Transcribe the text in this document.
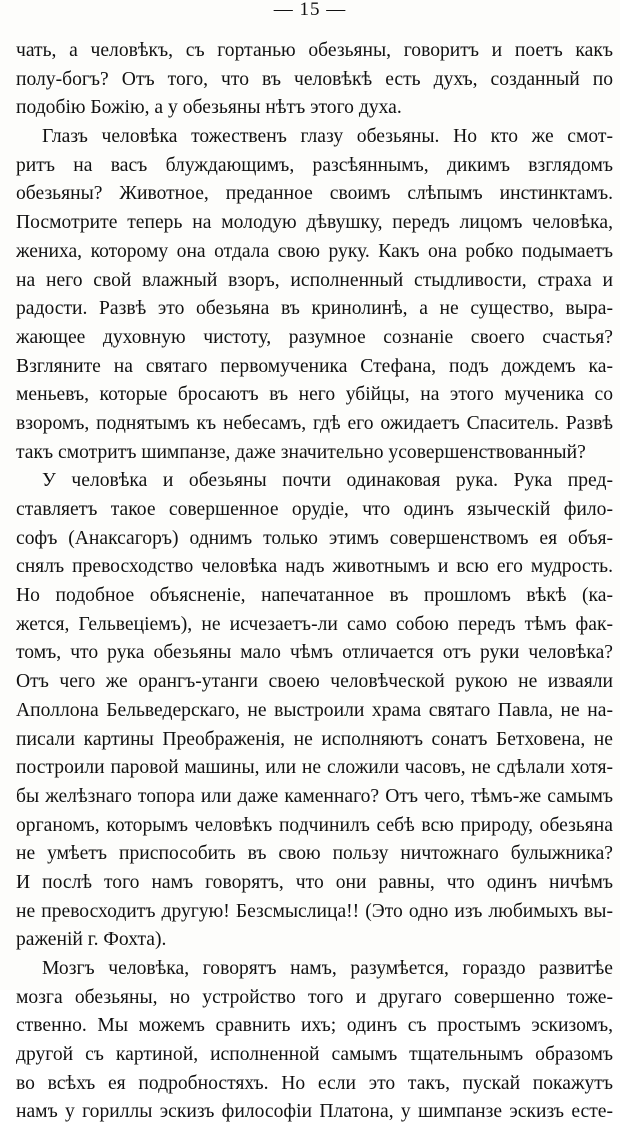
— 15 —
чать, а человѣкъ, съ гортанью обезьяны, говоритъ и поетъ какъ
полу-богъ? Отъ того, что въ человѣкѣ есть духъ, созданный по
подобію Божію, а у обезьяны нѣтъ этого духа.
Глазъ человѣка тожественъ глазу обезьяны. Но кто же смот-
ритъ на васъ блуждающимъ, разсѣяннымъ, дикимъ взглядомъ
обезьяны? Животное, преданное своимъ слѣпымъ инстинктамъ.
Посмотрите теперь на молодую дѣвушку, передъ лицомъ человѣка,
жениха, которому она отдала свою руку. Какъ она робко подымаетъ
на него свой влажный взоръ, исполненный стыдливости, страха и
радости. Развѣ это обезьяна въ кринолинѣ, а не существо, выра-
жающее духовную чистоту, разумное сознаніе своего счастья?
Взгляните на святаго первомученика Стефана, подъ дождемъ ка-
меньевъ, которые бросаютъ въ него убійцы, на этого мученика со
взоромъ, поднятымъ къ небесамъ, гдѣ его ожидаетъ Спаситель. Развѣ
такъ смотритъ шимпанзе, даже значительно усовершенствованный?
У человѣка и обезьяны почти одинаковая рука. Рука пред-
ставляетъ такое совершенное орудіе, что одинъ языческій фило-
софъ (Анаксагоръ) однимъ только этимъ совершенствомъ ея объя-
снялъ превосходство человѣка надъ животнымъ и всю его мудрость.
Но подобное объясненіе, напечатанное въ прошломъ вѣкѣ (ка-
жется, Гельвеціемъ), не исчезаетъ-ли само собою передъ тѣмъ фак-
томъ, что рука обезьяны мало чѣмъ отличается отъ руки человѣка?
Отъ чего же орангъ-утанги своею человѣческой рукою не изваяли
Аполлона Бельведерскаго, не выстроили храма святаго Павла, не на-
писали картины Преображенія, не исполняютъ сонатъ Бетховена, не
построили паровой машины, или не сложили часовъ, не сдѣлали хотя-
бы желѣзнаго топора или даже каменнаго? Отъ чего, тѣмъ-же самымъ
органомъ, которымъ человѣкъ подчинилъ себѣ всю природу, обезьяна
не умѣетъ приспособить въ свою пользу ничтожнаго булыжника?
И послѣ того намъ говорятъ, что они равны, что одинъ ничѣмъ
не превосходитъ другую! Безсмыслица!! (Это одно изъ любимыхъ вы-
раженій г. Фохта).
Мозгъ человѣка, говорятъ намъ, разумѣется, гораздо развитѣе
мозга обезьяны, но устройство того и другаго совершенно тоже-
ственно. Мы можемъ сравнить ихъ; одинъ съ простымъ эскизомъ,
другой съ картиной, исполненной самымъ тщательнымъ образомъ
во всѣхъ ея подробностяхъ. Но если это такъ, пускай покажутъ
намъ у гориллы эскизъ философіи Платона, у шимпанзе эскизъ есте-
